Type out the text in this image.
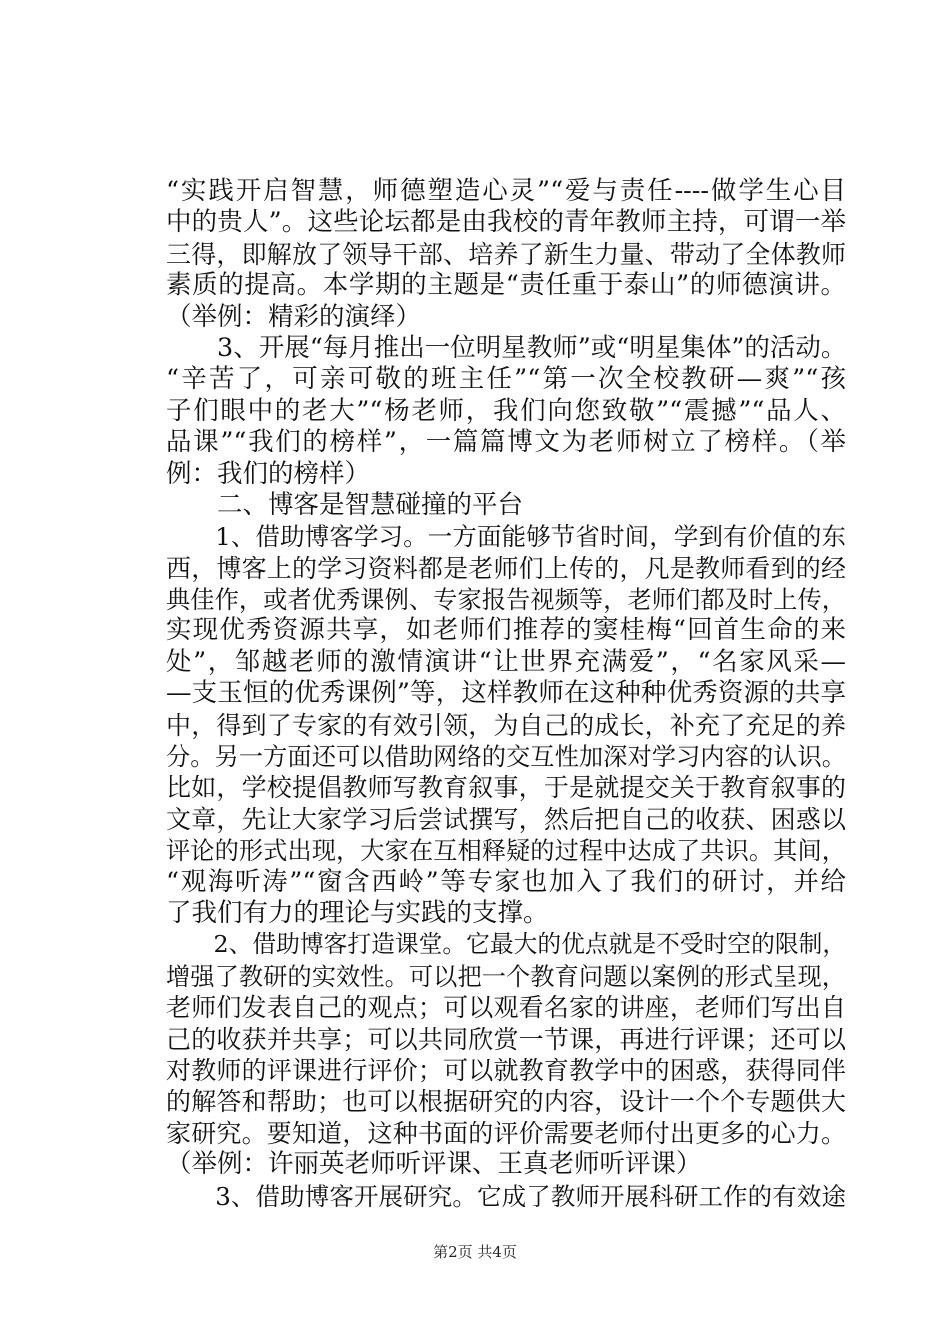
“实践开启智慧，师德塑造心灵”“爱与责任----做学生心目
中的贵人”。这些论坛都是由我校的青年教师主持，可谓一举
三得，即解放了领导干部、培养了新生力量、带动了全体教师
素质的提高。本学期的主题是“责任重于泰山”的师德演讲。
（举例：精彩的演绎）
　　3、开展“每月推出一位明星教师”或“明星集体”的活动。
“辛苦了，可亲可敬的班主任”“第一次全校教研—爽”“孩
子们眼中的老大”“杨老师，我们向您致敬”“震撼”“品人、
品课”“我们的榜样”，一篇篇博文为老师树立了榜样。（举
例：我们的榜样）
　　二、博客是智慧碰撞的平台
　　1、借助博客学习。一方面能够节省时间，学到有价值的东
西，博客上的学习资料都是老师们上传的，凡是教师看到的经
典佳作，或者优秀课例、专家报告视频等，老师们都及时上传，
实现优秀资源共享，如老师们推荐的窦桂梅“回首生命的来
处”，邹越老师的激情演讲“让世界充满爱”，“名家风采—
—支玉恒的优秀课例”等，这样教师在这种种优秀资源的共享
中，得到了专家的有效引领，为自己的成长，补充了充足的养
分。另一方面还可以借助网络的交互性加深对学习内容的认识。
比如，学校提倡教师写教育叙事，于是就提交关于教育叙事的
文章，先让大家学习后尝试撰写，然后把自己的收获、困惑以
评论的形式出现，大家在互相释疑的过程中达成了共识。其间，
“观海听涛”“窗含西岭”等专家也加入了我们的研讨，并给
了我们有力的理论与实践的支撑。
　　2、借助博客打造课堂。它最大的优点就是不受时空的限制，
增强了教研的实效性。可以把一个教育问题以案例的形式呈现，
老师们发表自己的观点；可以观看名家的讲座，老师们写出自
己的收获并共享；可以共同欣赏一节课，再进行评课；还可以
对教师的评课进行评价；可以就教育教学中的困惑，获得同伴
的解答和帮助；也可以根据研究的内容，设计一个个专题供大
家研究。要知道，这种书面的评价需要老师付出更多的心力。
（举例：许丽英老师听评课、王真老师听评课）
　　3、借助博客开展研究。它成了教师开展科研工作的有效途
第2页 共4页
